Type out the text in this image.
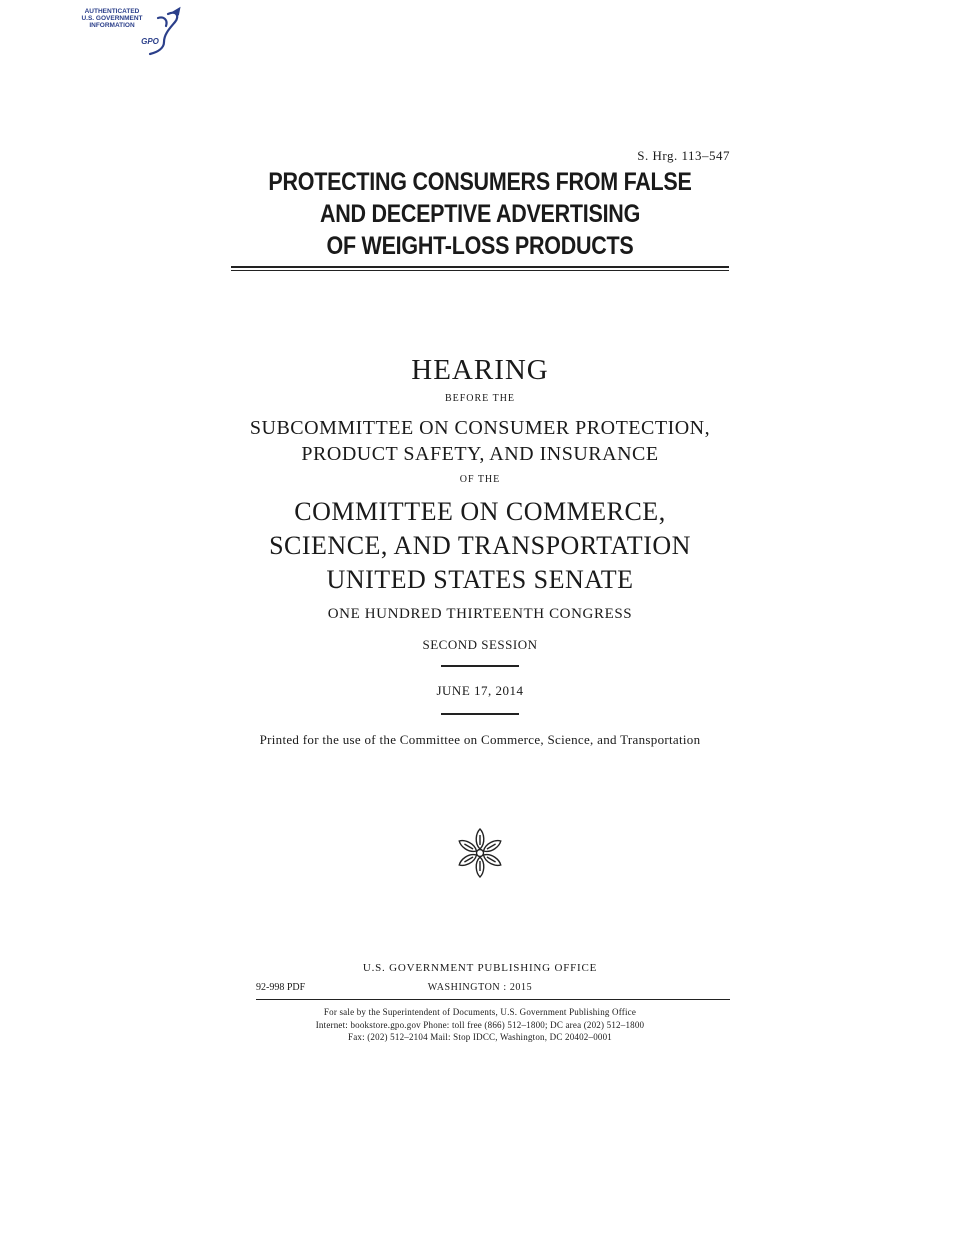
AUTHENTICATED
U.S. GOVERNMENT
INFORMATION
GPO
S. Hrg. 113–547
PROTECTING CONSUMERS FROM FALSE
AND DECEPTIVE ADVERTISING
OF WEIGHT-LOSS PRODUCTS
HEARING
BEFORE THE
SUBCOMMITTEE ON CONSUMER PROTECTION,
PRODUCT SAFETY, AND INSURANCE
OF THE
COMMITTEE ON COMMERCE,
SCIENCE, AND TRANSPORTATION
UNITED STATES SENATE
ONE HUNDRED THIRTEENTH CONGRESS
SECOND SESSION
JUNE 17, 2014
Printed for the use of the Committee on Commerce, Science, and Transportation
U.S. GOVERNMENT PUBLISHING OFFICE
92-998 PDF	WASHINGTON : 2015
For sale by the Superintendent of Documents, U.S. Government Publishing Office
Internet: bookstore.gpo.gov Phone: toll free (866) 512–1800; DC area (202) 512–1800
Fax: (202) 512–2104 Mail: Stop IDCC, Washington, DC 20402–0001
